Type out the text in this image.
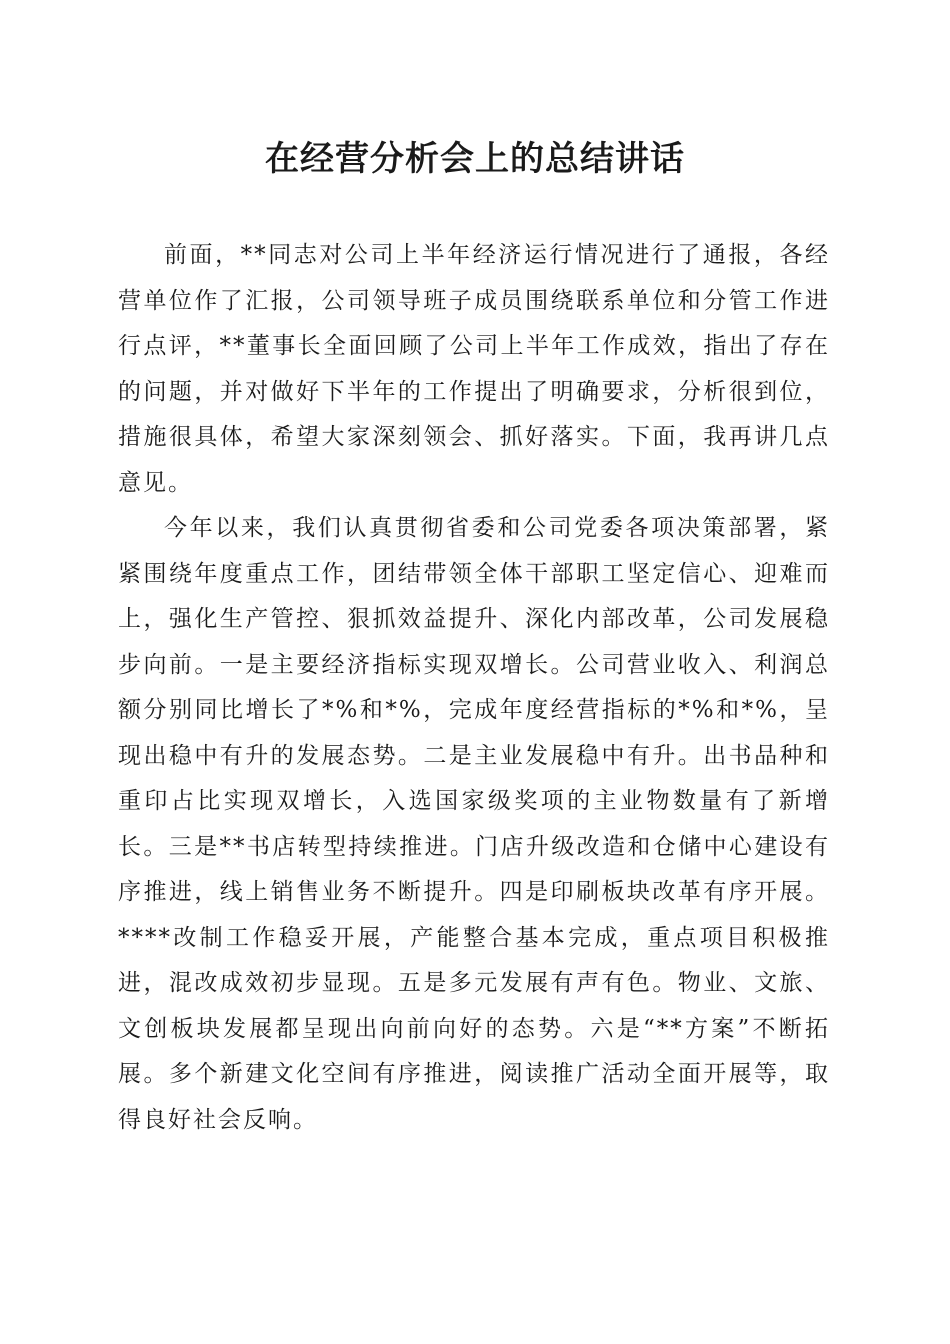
在经营分析会上的总结讲话

前面，**同志对公司上半年经济运行情况进行了通报，各经营单位作了汇报，公司领导班子成员围绕联系单位和分管工作进行点评，**董事长全面回顾了公司上半年工作成效，指出了存在的问题，并对做好下半年的工作提出了明确要求，分析很到位，措施很具体，希望大家深刻领会、抓好落实。下面，我再讲几点意见。

今年以来，我们认真贯彻省委和公司党委各项决策部署，紧紧围绕年度重点工作，团结带领全体干部职工坚定信心、迎难而上，强化生产管控、狠抓效益提升、深化内部改革，公司发展稳步向前。一是主要经济指标实现双增长。公司营业收入、利润总额分别同比增长了*%和*%，完成年度经营指标的*%和*%，呈现出稳中有升的发展态势。二是主业发展稳中有升。出书品种和重印占比实现双增长，入选国家级奖项的主业物数量有了新增长。三是**书店转型持续推进。门店升级改造和仓储中心建设有序推进，线上销售业务不断提升。四是印刷板块改革有序开展。****改制工作稳妥开展，产能整合基本完成，重点项目积极推进，混改成效初步显现。五是多元发展有声有色。物业、文旅、文创板块发展都呈现出向前向好的态势。六是“**方案”不断拓展。多个新建文化空间有序推进，阅读推广活动全面开展等，取得良好社会反响。
